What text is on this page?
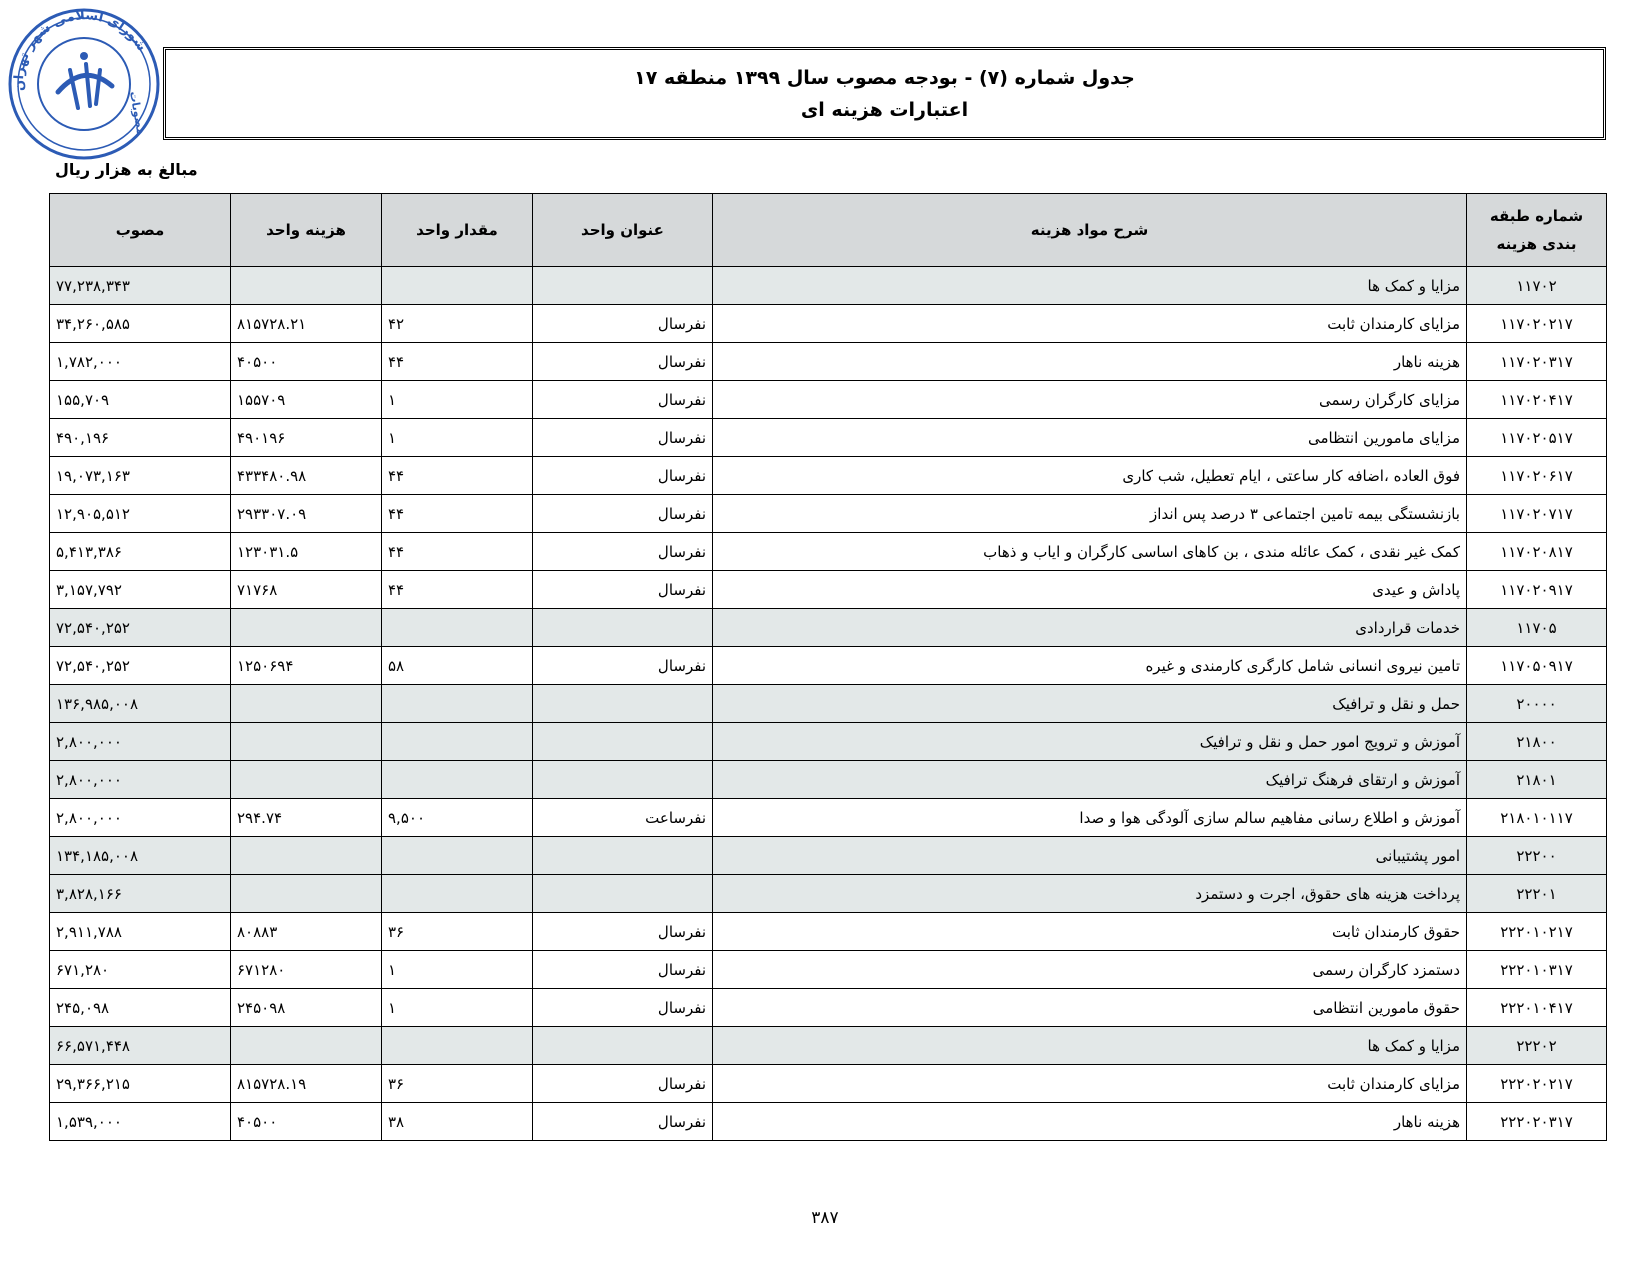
شورای اسلامی شهر تهران
مصوبات
جدول شماره (۷) - بودجه مصوب سال ۱۳۹۹ منطقه ۱۷
اعتبارات هزینه ای
مبالغ به هزار ریال
شماره طبقه بندی هزینه	شرح مواد هزینه	عنوان واحد	مقدار واحد	هزینه واحد	مصوب
۱۱۷۰۲	مزایا و کمک ها				۷۷,۲۳۸,۳۴۳
۱۱۷۰۲۰۲۱۷	مزایای کارمندان ثابت	نفرسال	۴۲	۸۱۵۷۲۸.۲۱	۳۴,۲۶۰,۵۸۵
۱۱۷۰۲۰۳۱۷	هزینه ناهار	نفرسال	۴۴	۴۰۵۰۰	۱,۷۸۲,۰۰۰
۱۱۷۰۲۰۴۱۷	مزایای کارگران رسمی	نفرسال	۱	۱۵۵۷۰۹	۱۵۵,۷۰۹
۱۱۷۰۲۰۵۱۷	مزایای مامورین انتظامی	نفرسال	۱	۴۹۰۱۹۶	۴۹۰,۱۹۶
۱۱۷۰۲۰۶۱۷	فوق العاده ،اضافه کار ساعتی ، ایام تعطیل، شب کاری	نفرسال	۴۴	۴۳۳۴۸۰.۹۸	۱۹,۰۷۳,۱۶۳
۱۱۷۰۲۰۷۱۷	بازنشستگی بیمه تامین اجتماعی ۳ درصد پس انداز	نفرسال	۴۴	۲۹۳۳۰۷.۰۹	۱۲,۹۰۵,۵۱۲
۱۱۷۰۲۰۸۱۷	کمک غیر نقدی ، کمک عائله مندی ، بن کاهای اساسی کارگران و ایاب و ذهاب	نفرسال	۴۴	۱۲۳۰۳۱.۵	۵,۴۱۳,۳۸۶
۱۱۷۰۲۰۹۱۷	پاداش و عیدی	نفرسال	۴۴	۷۱۷۶۸	۳,۱۵۷,۷۹۲
۱۱۷۰۵	خدمات قراردادی				۷۲,۵۴۰,۲۵۲
۱۱۷۰۵۰۹۱۷	تامین نیروی انسانی شامل کارگری کارمندی و غیره	نفرسال	۵۸	۱۲۵۰۶۹۴	۷۲,۵۴۰,۲۵۲
۲۰۰۰۰	حمل و نقل و ترافیک				۱۳۶,۹۸۵,۰۰۸
۲۱۸۰۰	آموزش و ترویج امور حمل و نقل و ترافیک				۲,۸۰۰,۰۰۰
۲۱۸۰۱	آموزش و ارتقای فرهنگ ترافیک				۲,۸۰۰,۰۰۰
۲۱۸۰۱۰۱۱۷	آموزش و اطلاع رسانی مفاهیم سالم سازی آلودگی هوا و صدا	نفرساعت	۹,۵۰۰	۲۹۴.۷۴	۲,۸۰۰,۰۰۰
۲۲۲۰۰	امور پشتیبانی				۱۳۴,۱۸۵,۰۰۸
۲۲۲۰۱	پرداخت هزینه های حقوق، اجرت و دستمزد				۳,۸۲۸,۱۶۶
۲۲۲۰۱۰۲۱۷	حقوق کارمندان ثابت	نفرسال	۳۶	۸۰۸۸۳	۲,۹۱۱,۷۸۸
۲۲۲۰۱۰۳۱۷	دستمزد کارگران رسمی	نفرسال	۱	۶۷۱۲۸۰	۶۷۱,۲۸۰
۲۲۲۰۱۰۴۱۷	حقوق مامورین انتظامی	نفرسال	۱	۲۴۵۰۹۸	۲۴۵,۰۹۸
۲۲۲۰۲	مزایا و کمک ها				۶۶,۵۷۱,۴۴۸
۲۲۲۰۲۰۲۱۷	مزایای کارمندان ثابت	نفرسال	۳۶	۸۱۵۷۲۸.۱۹	۲۹,۳۶۶,۲۱۵
۲۲۲۰۲۰۳۱۷	هزینه ناهار	نفرسال	۳۸	۴۰۵۰۰	۱,۵۳۹,۰۰۰
۳۸۷
